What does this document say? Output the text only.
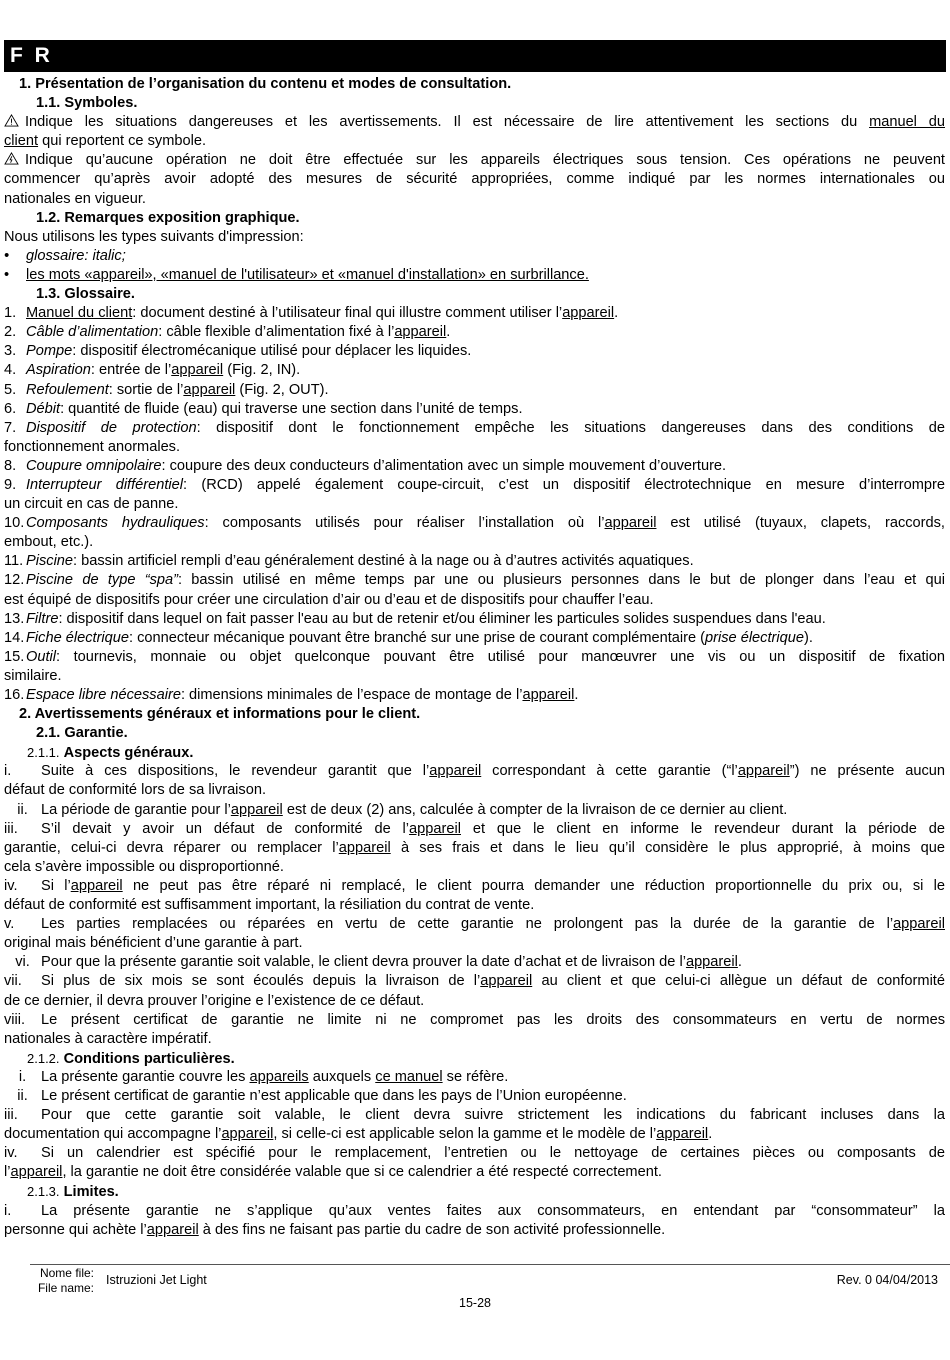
F R
1. Présentation de l’organisation du contenu et modes de consultation.
1.1. Symboles.
Indique les situations dangereuses et les avertissements. Il est nécessaire de lire attentivement les sections du manuel du
client qui reportent ce symbole.
Indique qu’aucune opération ne doit être effectuée sur les appareils électriques sous tension. Ces opérations ne peuvent
commencer qu’après avoir adopté des mesures de sécurité appropriées, comme indiqué par les normes internationales ou
nationales en vigueur.
1.2. Remarques exposition graphique.
Nous utilisons les types suivants d'impression:
• glossaire: italic;
• les mots «appareil», «manuel de l'utilisateur» et «manuel d'installation» en surbrillance.
1.3. Glossaire.
1. Manuel du client: document destiné à l’utilisateur final qui illustre comment utiliser l’appareil.
2. Câble d’alimentation: câble flexible d’alimentation fixé à l’appareil.
3. Pompe: dispositif électromécanique utilisé pour déplacer les liquides.
4. Aspiration: entrée de l’appareil (Fig. 2, IN).
5. Refoulement: sortie de l’appareil (Fig. 2, OUT).
6. Débit: quantité de fluide (eau) qui traverse une section dans l’unité de temps.
7. Dispositif de protection: dispositif dont le fonctionnement empêche les situations dangereuses dans des conditions de
fonctionnement anormales.
8. Coupure omnipolaire: coupure des deux conducteurs d’alimentation avec un simple mouvement d’ouverture.
9. Interrupteur différentiel: (RCD) appelé également coupe-circuit, c’est un dispositif électrotechnique en mesure d’interrompre
un circuit en cas de panne.
10. Composants hydrauliques: composants utilisés pour réaliser l’installation où l’appareil est utilisé (tuyaux, clapets, raccords,
embout, etc.).
11. Piscine: bassin artificiel rempli d’eau généralement destiné à la nage ou à d’autres activités aquatiques.
12. Piscine de type “spa”: bassin utilisé en même temps par une ou plusieurs personnes dans le but de plonger dans l’eau et qui
est équipé de dispositifs pour créer une circulation d’air ou d’eau et de dispositifs pour chauffer l’eau.
13. Filtre: dispositif dans lequel on fait passer l'eau au but de retenir et/ou éliminer les particules solides suspendues dans l'eau.
14. Fiche électrique: connecteur mécanique pouvant être branché sur une prise de courant complémentaire (prise électrique).
15. Outil: tournevis, monnaie ou objet quelconque pouvant être utilisé pour manœuvrer une vis ou un dispositif de fixation
similaire.
16. Espace libre nécessaire: dimensions minimales de l’espace de montage de l’appareil.
2. Avertissements généraux et informations pour le client.
2.1. Garantie.
2.1.1. Aspects généraux.
i. Suite à ces dispositions, le revendeur garantit que l’appareil correspondant à cette garantie (“l’appareil”) ne présente aucun
défaut de conformité lors de sa livraison.
ii. La période de garantie pour l’appareil est de deux (2) ans, calculée à compter de la livraison de ce dernier au client.
iii. S’il devait y avoir un défaut de conformité de l’appareil et que le client en informe le revendeur durant la période de
garantie, celui-ci devra réparer ou remplacer l’appareil à ses frais et dans le lieu qu’il considère le plus approprié, à moins que
cela s’avère impossible ou disproportionné.
iv. Si l’appareil ne peut pas être réparé ni remplacé, le client pourra demander une réduction proportionnelle du prix ou, si le
défaut de conformité est suffisamment important, la résiliation du contrat de vente.
v. Les parties remplacées ou réparées en vertu de cette garantie ne prolongent pas la durée de la garantie de l’appareil
original mais bénéficient d’une garantie à part.
vi. Pour que la présente garantie soit valable, le client devra prouver la date d’achat et de livraison de l’appareil.
vii. Si plus de six mois se sont écoulés depuis la livraison de l’appareil au client et que celui-ci allègue un défaut de conformité
de ce dernier, il devra prouver l’origine e l’existence de ce défaut.
viii. Le présent certificat de garantie ne limite ni ne compromet pas les droits des consommateurs en vertu de normes
nationales à caractère impératif.
2.1.2. Conditions particulières.
i. La présente garantie couvre les appareils auxquels ce manuel se réfère.
ii. Le présent certificat de garantie n’est applicable que dans les pays de l’Union européenne.
iii. Pour que cette garantie soit valable, le client devra suivre strictement les indications du fabricant incluses dans la
documentation qui accompagne l’appareil, si celle-ci est applicable selon la gamme et le modèle de l’appareil.
iv. Si un calendrier est spécifié pour le remplacement, l’entretien ou le nettoyage de certaines pièces ou composants de
l’appareil, la garantie ne doit être considérée valable que si ce calendrier a été respecté correctement.
2.1.3. Limites.
i. La présente garantie ne s’applique qu’aux ventes faites aux consommateurs, en entendant par “consommateur” la
personne qui achète l’appareil à des fins ne faisant pas partie du cadre de son activité professionnelle.
Nome file:
File name:
Istruzioni Jet Light	Rev. 0 04/04/2013
15-28
